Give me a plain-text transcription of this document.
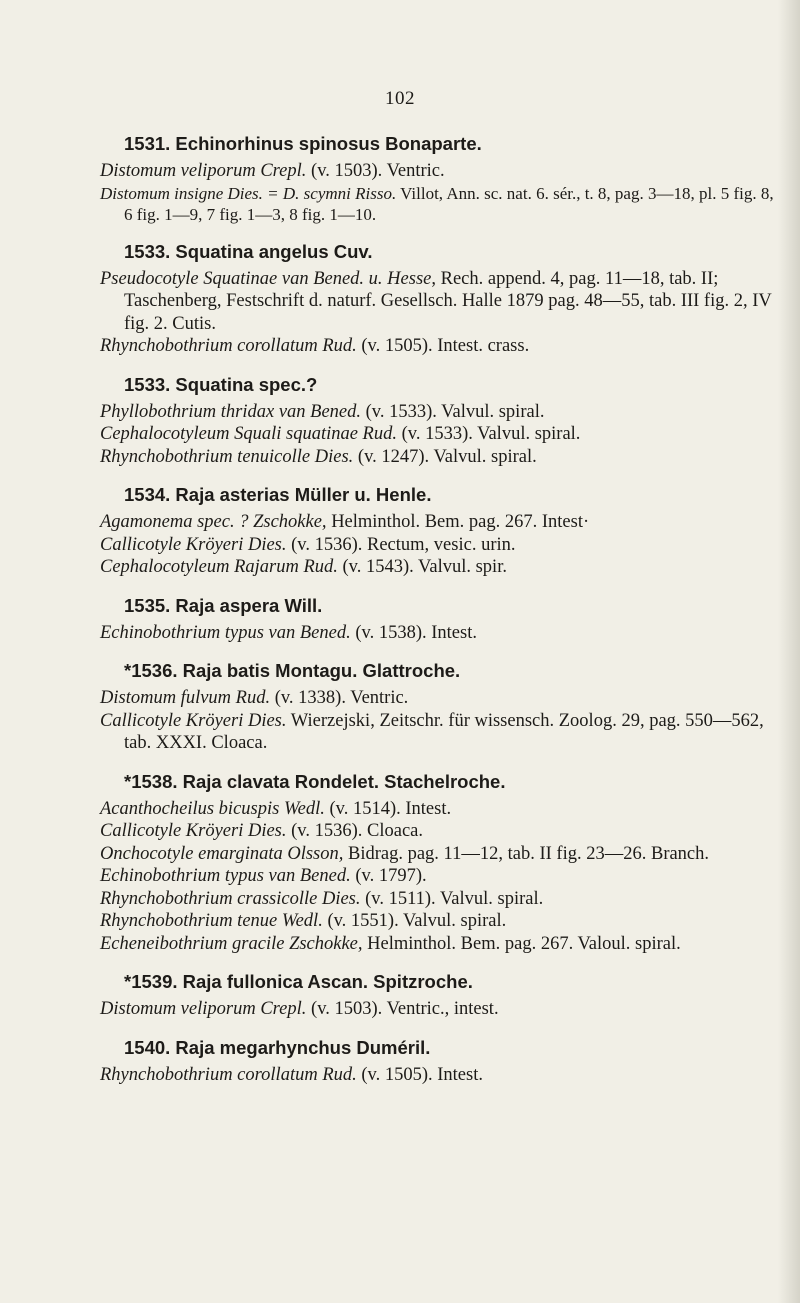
102
1531. Echinorhinus spinosus Bonaparte.
Distomum veliporum Crepl. (v. 1503). Ventric.
Distomum insigne Dies. = D. scymni Risso. Villot, Ann. sc. nat. 6. sér., t. 8, pag. 3—18, pl. 5 fig. 8, 6 fig. 1—9, 7 fig. 1—3, 8 fig. 1—10.
1533. Squatina angelus Cuv.
Pseudocotyle Squatinae van Bened. u. Hesse, Rech. append. 4, pag. 11—18, tab. II; Taschenberg, Festschrift d. naturf. Gesellsch. Halle 1879 pag. 48—55, tab. III fig. 2, IV fig. 2. Cutis.
Rhynchobothrium corollatum Rud. (v. 1505). Intest. crass.
1533. Squatina spec.?
Phyllobothrium thridax van Bened. (v. 1533). Valvul. spiral.
Cephalocotyleum Squali squatinae Rud. (v. 1533). Valvul. spiral.
Rhynchobothrium tenuicolle Dies. (v. 1247). Valvul. spiral.
1534. Raja asterias Müller u. Henle.
Agamonema spec. ? Zschokke, Helminthol. Bem. pag. 267. Intest·
Callicotyle Kröyeri Dies. (v. 1536). Rectum, vesic. urin.
Cephalocotyleum Rajarum Rud. (v. 1543). Valvul. spir.
1535. Raja aspera Will.
Echinobothrium typus van Bened. (v. 1538). Intest.
*1536. Raja batis Montagu. Glattroche.
Distomum fulvum Rud. (v. 1338). Ventric.
Callicotyle Kröyeri Dies. Wierzejski, Zeitschr. für wissensch. Zoolog. 29, pag. 550—562, tab. XXXI. Cloaca.
*1538. Raja clavata Rondelet. Stachelroche.
Acanthocheilus bicuspis Wedl. (v. 1514). Intest.
Callicotyle Kröyeri Dies. (v. 1536). Cloaca.
Onchocotyle emarginata Olsson, Bidrag. pag. 11—12, tab. II fig. 23—26. Branch.
Echinobothrium typus van Bened. (v. 1797).
Rhynchobothrium crassicolle Dies. (v. 1511). Valvul. spiral.
Rhynchobothrium tenue Wedl. (v. 1551). Valvul. spiral.
Echeneibothrium gracile Zschokke, Helminthol. Bem. pag. 267. Valoul. spiral.
*1539. Raja fullonica Ascan. Spitzroche.
Distomum veliporum Crepl. (v. 1503). Ventric., intest.
1540. Raja megarhynchus Duméril.
Rhynchobothrium corollatum Rud. (v. 1505). Intest.
